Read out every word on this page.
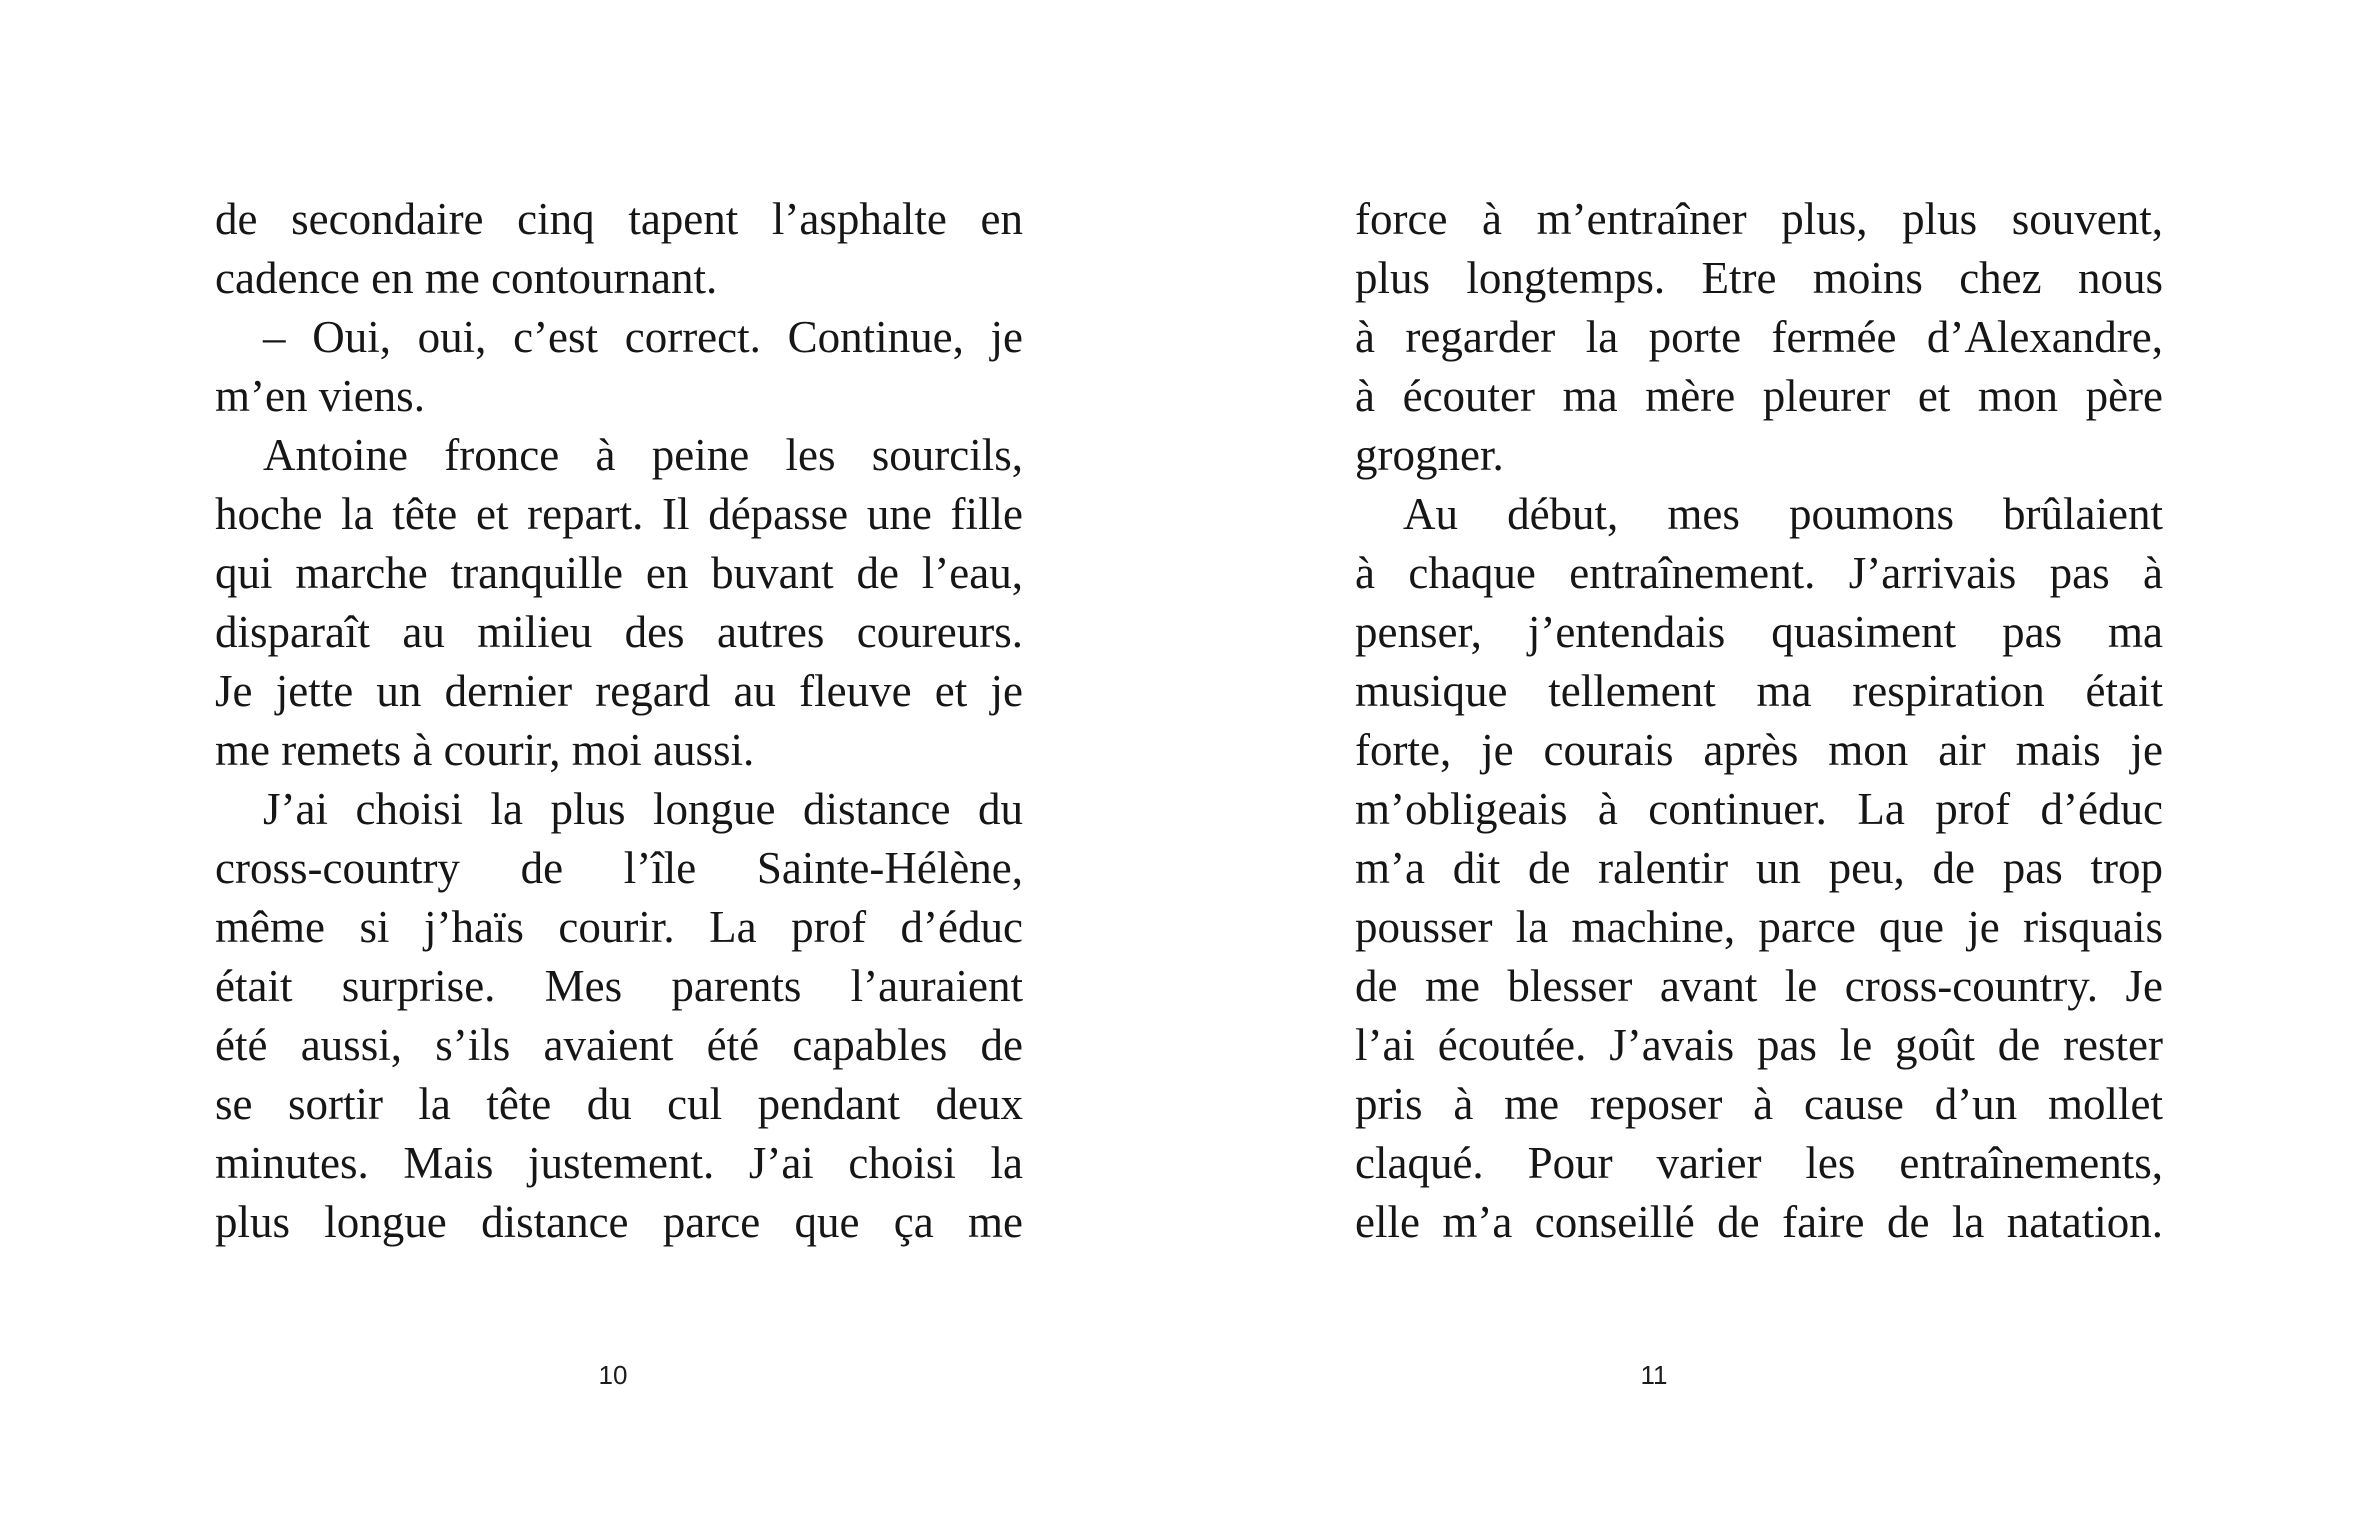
de secondaire cinq tapent l’asphalte en
cadence en me contournant.
– Oui, oui, c’est correct. Continue, je
m’en viens.
Antoine fronce à peine les sourcils,
hoche la tête et repart. Il dépasse une fille
qui marche tranquille en buvant de l’eau,
disparaît au milieu des autres coureurs.
Je jette un dernier regard au fleuve et je
me remets à courir, moi aussi.
J’ai choisi la plus longue distance du
cross-country de l’île Sainte-Hélène,
même si j’haïs courir. La prof d’éduc
était surprise. Mes parents l’auraient
été aussi, s’ils avaient été capables de
se sortir la tête du cul pendant deux
minutes. Mais justement. J’ai choisi la
plus longue distance parce que ça me
10
force à m’entraîner plus, plus souvent,
plus longtemps. Etre moins chez nous
à regarder la porte fermée d’Alexandre,
à écouter ma mère pleurer et mon père
grogner.
Au début, mes poumons brûlaient
à chaque entraînement. J’arrivais pas à
penser, j’entendais quasiment pas ma
musique tellement ma respiration était
forte, je courais après mon air mais je
m’obligeais à continuer. La prof d’éduc
m’a dit de ralentir un peu, de pas trop
pousser la machine, parce que je risquais
de me blesser avant le cross-country. Je
l’ai écoutée. J’avais pas le goût de rester
pris à me reposer à cause d’un mollet
claqué. Pour varier les entraînements,
elle m’a conseillé de faire de la natation.
11
